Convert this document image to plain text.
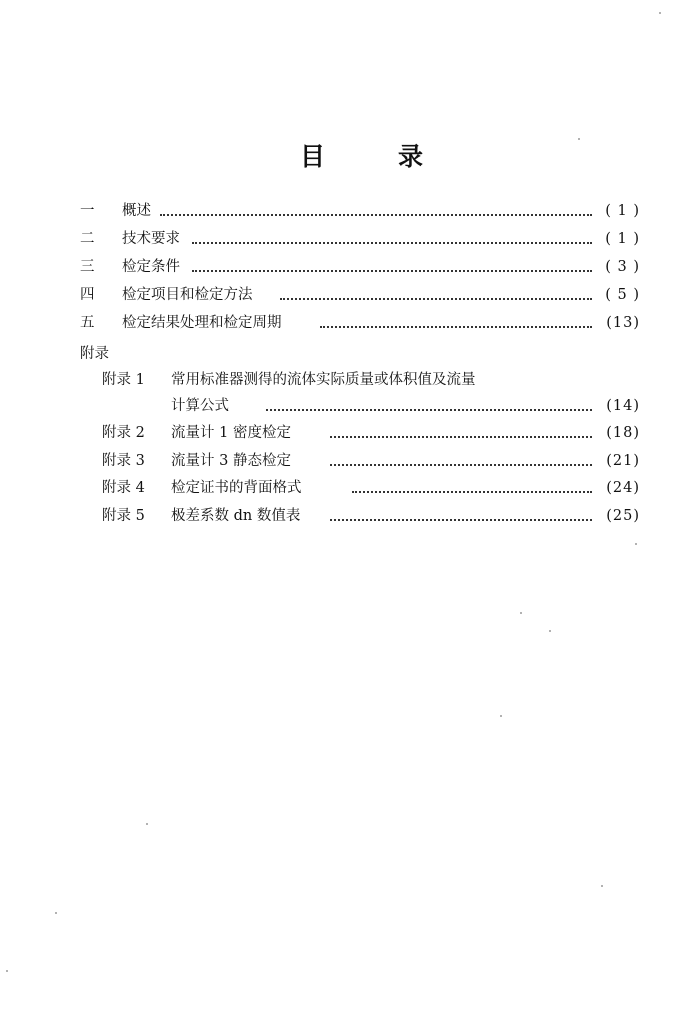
目	录
一	概述	( 1 )
二	技术要求	( 1 )
三	检定条件	( 3 )
四	检定项目和检定方法	( 5 )
五	检定结果处理和检定周期	(13)
附录
附录 1	常用标准器测得的流体实际质量或体积值及流量
计算公式	(14)
附录 2	流量计 1 密度检定	(18)
附录 3	流量计 3 静态检定	(21)
附录 4	检定证书的背面格式	(24)
附录 5	极差系数 dn 数值表	(25)
